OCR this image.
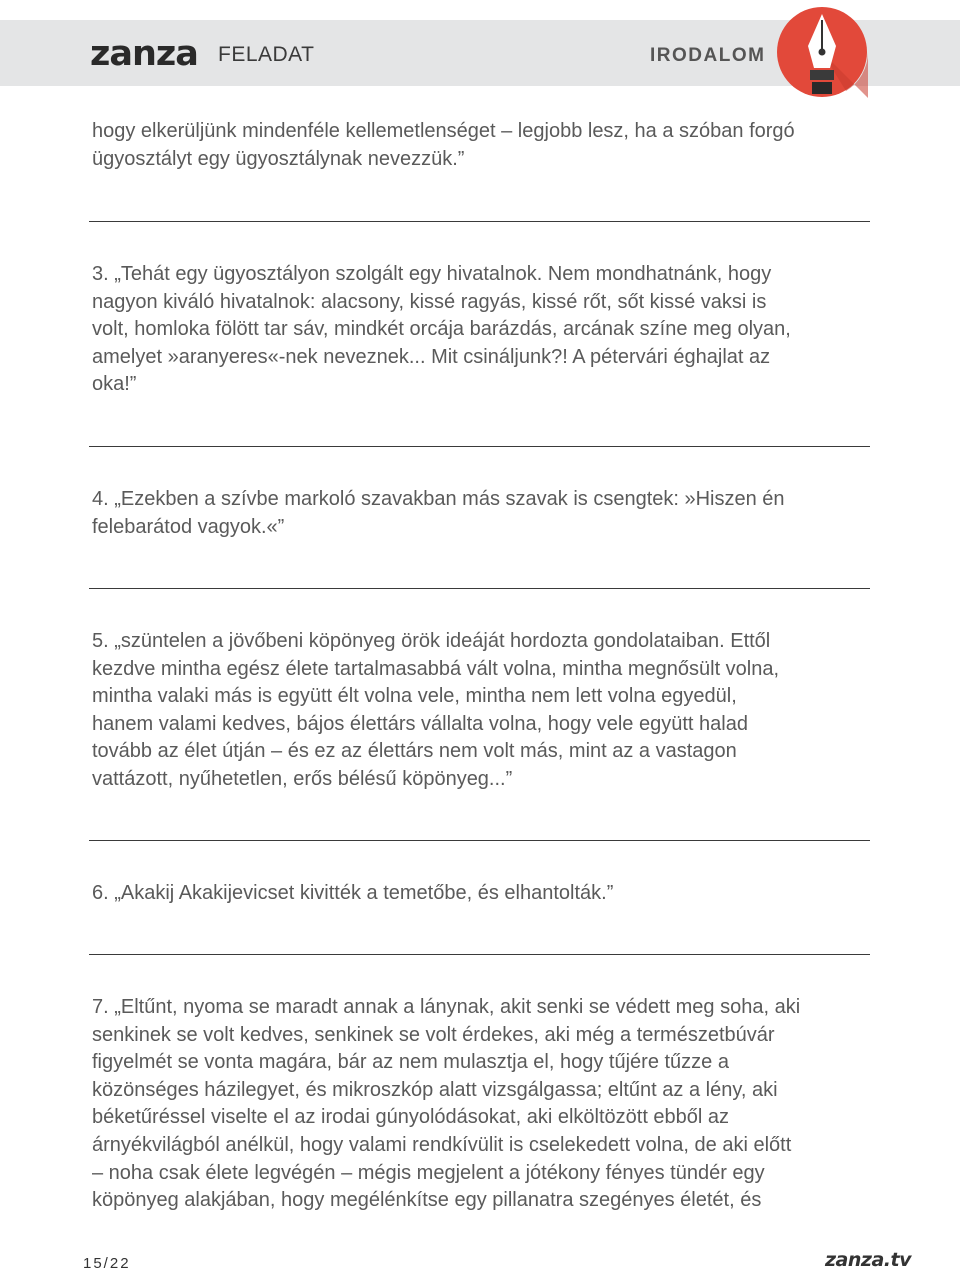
zanza FELADAT	IRODALOM

hogy elkerüljünk mindenféle kellemetlenséget – legjobb lesz, ha a szóban forgó
ügyosztályt egy ügyosztálynak nevezzük.”

3. „Tehát egy ügyosztályon szolgált egy hivatalnok. Nem mondhatnánk, hogy
nagyon kiváló hivatalnok: alacsony, kissé ragyás, kissé rőt, sőt kissé vaksi is
volt, homloka fölött tar sáv, mindkét orcája barázdás, arcának színe meg olyan,
amelyet »aranyeres«-nek neveznek... Mit csináljunk?! A pétervári éghajlat az
oka!”

4. „Ezekben a szívbe markoló szavakban más szavak is csengtek: »Hiszen én
felebarátod vagyok.«”

5. „szüntelen a jövőbeni köpönyeg örök ideáját hordozta gondolataiban. Ettől
kezdve mintha egész élete tartalmasabbá vált volna, mintha megnősült volna,
mintha valaki más is együtt élt volna vele, mintha nem lett volna egyedül,
hanem valami kedves, bájos élettárs vállalta volna, hogy vele együtt halad
tovább az élet útján – és ez az élettárs nem volt más, mint az a vastagon
vattázott, nyűhetetlen, erős bélésű köpönyeg...”

6. „Akakij Akakijevicset kivitték a temetőbe, és elhantolták.”

7. „Eltűnt, nyoma se maradt annak a lánynak, akit senki se védett meg soha, aki
senkinek se volt kedves, senkinek se volt érdekes, aki még a természetbúvár
figyelmét se vonta magára, bár az nem mulasztja el, hogy tűjére tűzze a
közönséges házilegyet, és mikroszkóp alatt vizsgálgassa; eltűnt az a lény, aki
béketűréssel viselte el az irodai gúnyolódásokat, aki elköltözött ebből az
árnyékvilágból anélkül, hogy valami rendkívülit is cselekedett volna, de aki előtt
– noha csak élete legvégén – mégis megjelent a jótékony fényes tündér egy
köpönyeg alakjában, hogy megélénkítse egy pillanatra szegényes életét, és

15/22	zanza.tv
